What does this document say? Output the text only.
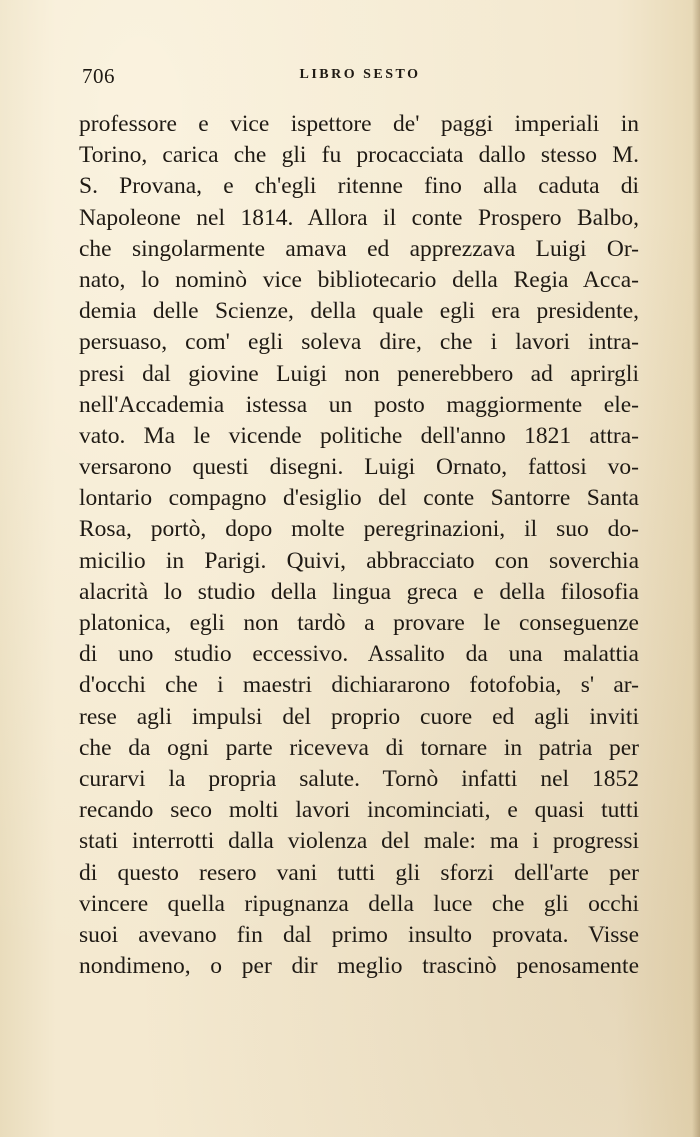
706	LIBRO SESTO
professore e vice ispettore de' paggi imperiali in
Torino, carica che gli fu procacciata dallo stesso M.
S. Provana, e ch'egli ritenne fino alla caduta di
Napoleone nel 1814. Allora il conte Prospero Balbo,
che singolarmente amava ed apprezzava Luigi Or-
nato, lo nominò vice bibliotecario della Regia Acca-
demia delle Scienze, della quale egli era presidente,
persuaso, com' egli soleva dire, che i lavori intra-
presi dal giovine Luigi non penerebbero ad aprirgli
nell'Accademia istessa un posto maggiormente ele-
vato. Ma le vicende politiche dell'anno 1821 attra-
versarono questi disegni. Luigi Ornato, fattosi vo-
lontario compagno d'esiglio del conte Santorre Santa
Rosa, portò, dopo molte peregrinazioni, il suo do-
micilio in Parigi. Quivi, abbracciato con soverchia
alacrità lo studio della lingua greca e della filosofia
platonica, egli non tardò a provare le conseguenze
di uno studio eccessivo. Assalito da una malattia
d'occhi che i maestri dichiararono fotofobia, s' ar-
rese agli impulsi del proprio cuore ed agli inviti
che da ogni parte riceveva di tornare in patria per
curarvi la propria salute. Tornò infatti nel 1852
recando seco molti lavori incominciati, e quasi tutti
stati interrotti dalla violenza del male: ma i progressi
di questo resero vani tutti gli sforzi dell'arte per
vincere quella ripugnanza della luce che gli occhi
suoi avevano fin dal primo insulto provata. Visse
nondimeno, o per dir meglio trascinò penosamente
